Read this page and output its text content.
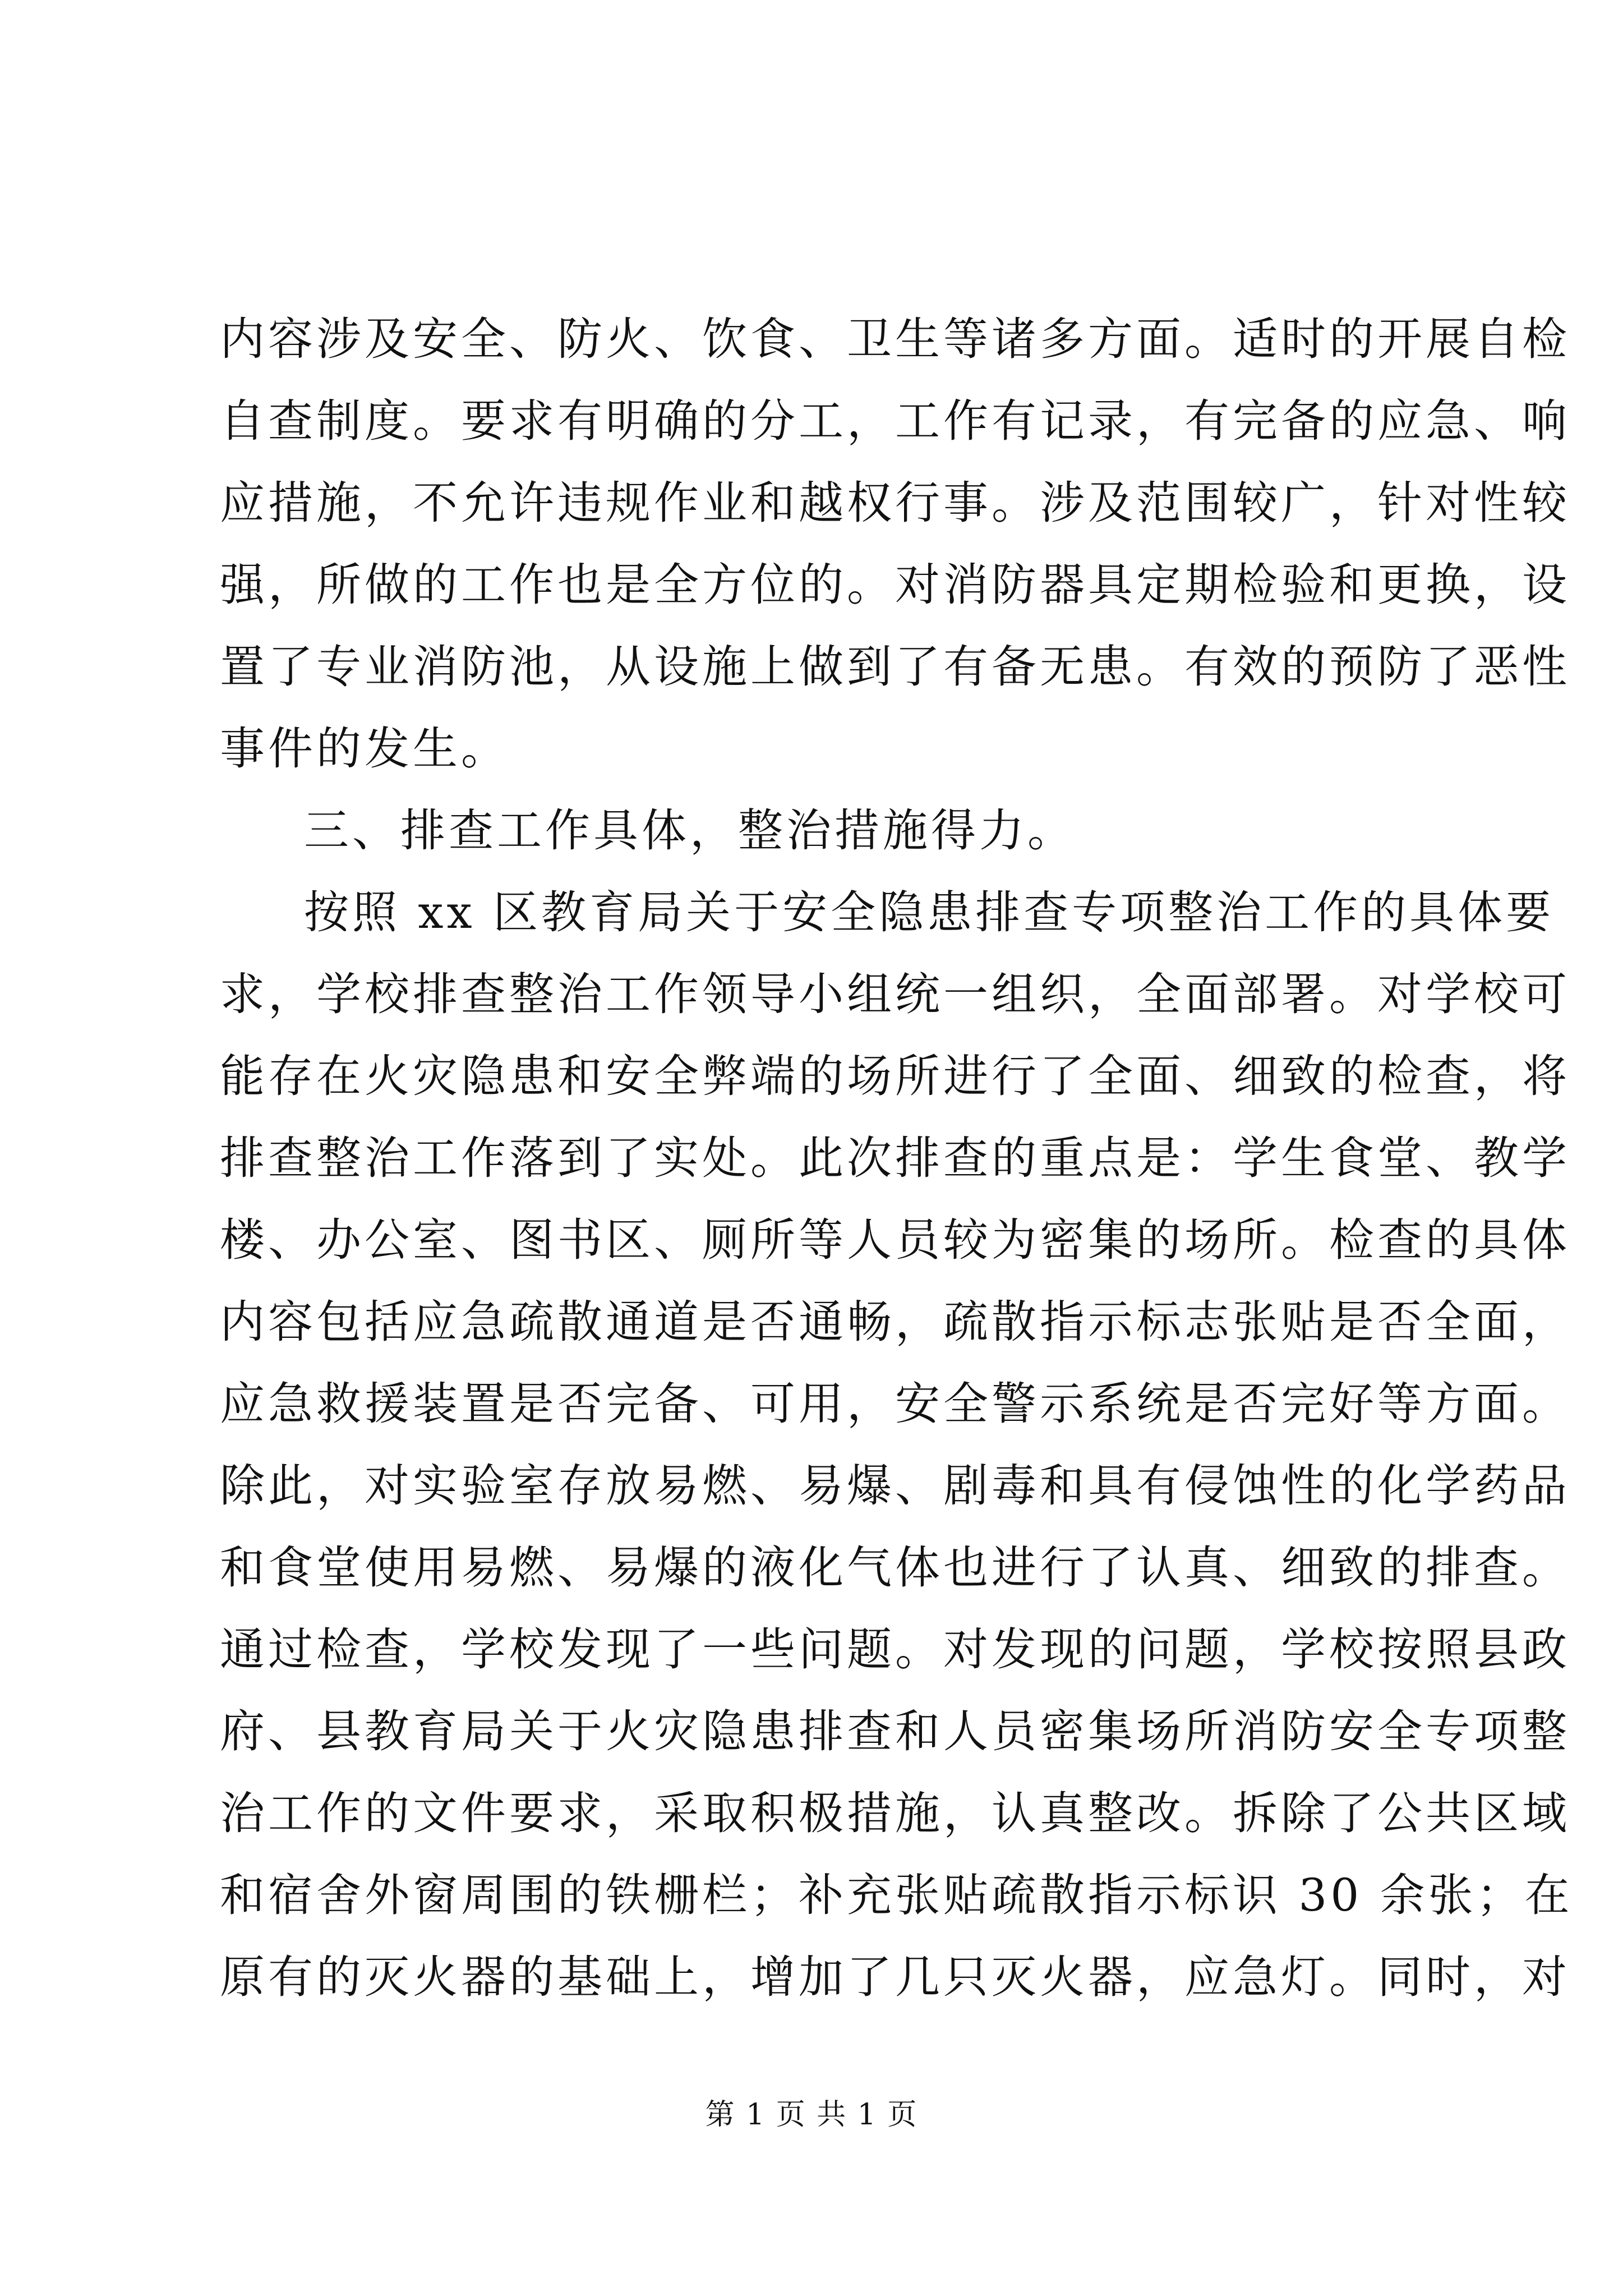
内容涉及安全、防火、饮食、卫生等诸多方面。适时的开展自检
自查制度。要求有明确的分工，工作有记录，有完备的应急、响
应措施，不允许违规作业和越权行事。涉及范围较广，针对性较
强，所做的工作也是全方位的。对消防器具定期检验和更换，设
置了专业消防池，从设施上做到了有备无患。有效的预防了恶性
事件的发生。
三、排查工作具体，整治措施得力。
按照 xx 区教育局关于安全隐患排查专项整治工作的具体要
求，学校排查整治工作领导小组统一组织，全面部署。对学校可
能存在火灾隐患和安全弊端的场所进行了全面、细致的检查，将
排查整治工作落到了实处。此次排查的重点是：学生食堂、教学
楼、办公室、图书区、厕所等人员较为密集的场所。检查的具体
内容包括应急疏散通道是否通畅，疏散指示标志张贴是否全面，
应急救援装置是否完备、可用，安全警示系统是否完好等方面。
除此，对实验室存放易燃、易爆、剧毒和具有侵蚀性的化学药品
和食堂使用易燃、易爆的液化气体也进行了认真、细致的排查。
通过检查，学校发现了一些问题。对发现的问题，学校按照县政
府、县教育局关于火灾隐患排查和人员密集场所消防安全专项整
治工作的文件要求，采取积极措施，认真整改。拆除了公共区域
和宿舍外窗周围的铁栅栏；补充张贴疏散指示标识 30 余张；在
原有的灭火器的基础上，增加了几只灭火器，应急灯。同时，对
第 1 页 共 1 页
